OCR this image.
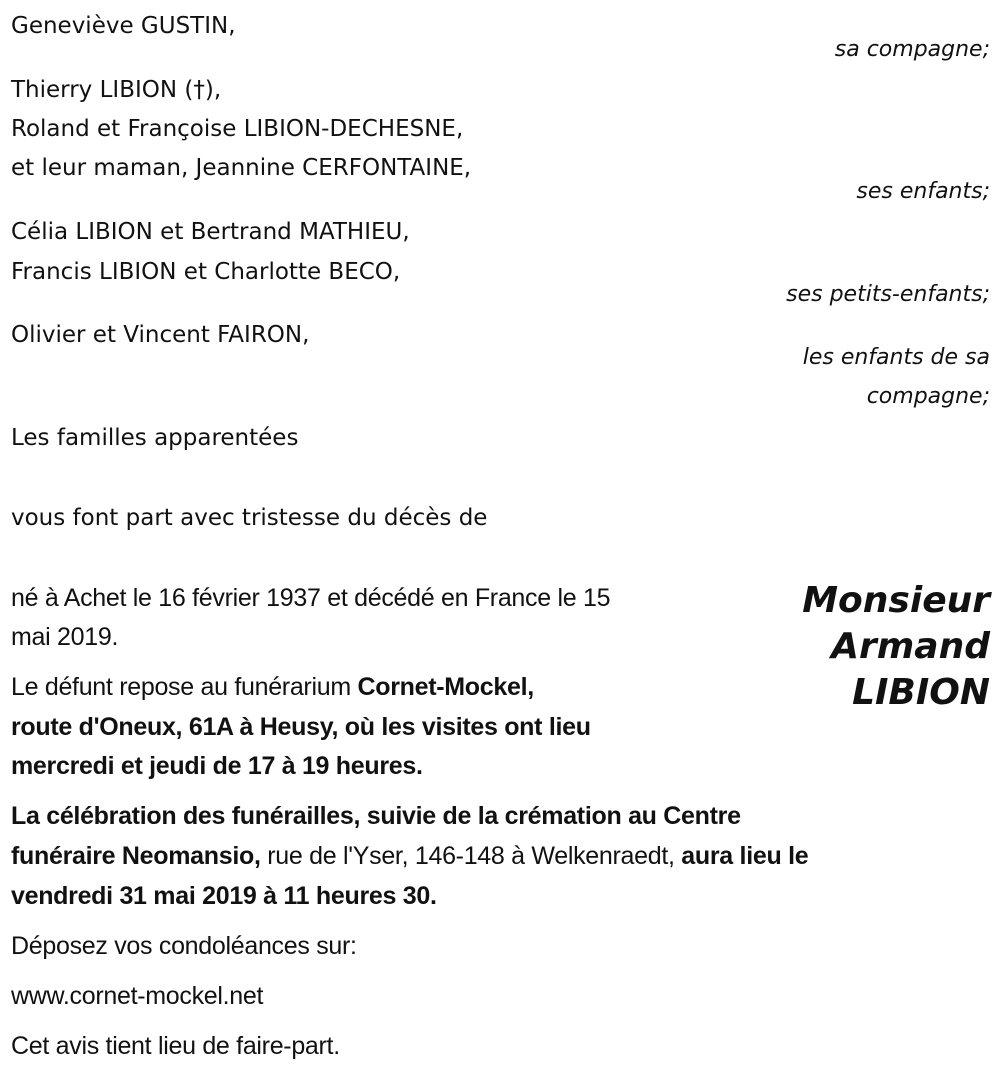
Geneviève GUSTIN,
sa compagne;
Thierry LIBION (†),
Roland et Françoise LIBION-DECHESNE,
et leur maman, Jeannine CERFONTAINE,
ses enfants;
Célia LIBION et Bertrand MATHIEU,
Francis LIBION et Charlotte BECO,
ses petits-enfants;
Olivier et Vincent FAIRON,
les enfants de sa
compagne;
Les familles apparentées
vous font part avec tristesse du décès de
Monsieur
Armand
LIBION
né à Achet le 16 février 1937 et décédé en France le 15
mai 2019.
Le défunt repose au funérarium Cornet-Mockel,
route d'Oneux, 61A à Heusy, où les visites ont lieu
mercredi et jeudi de 17 à 19 heures.
La célébration des funérailles, suivie de la crémation au Centre
funéraire Neomansio, rue de l'Yser, 146-148 à Welkenraedt, aura lieu le
vendredi 31 mai 2019 à 11 heures 30.
Déposez vos condoléances sur:
www.cornet-mockel.net
Cet avis tient lieu de faire-part.
